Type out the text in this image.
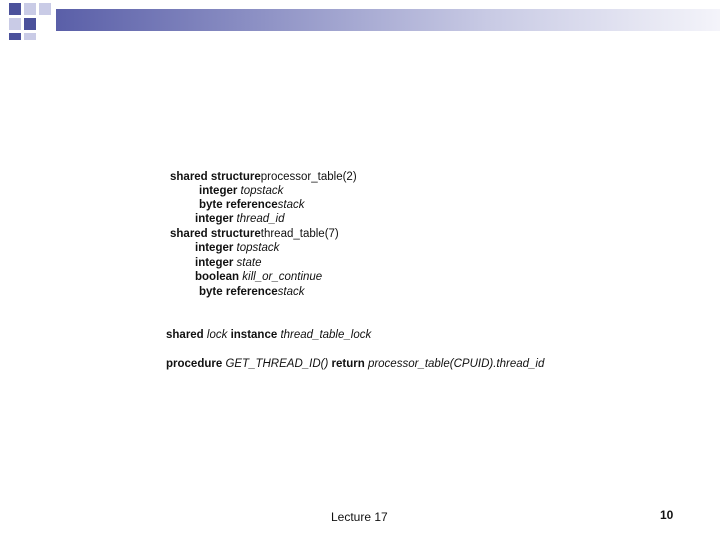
shared structureprocessor_table(2)
integer topstack
byte referencestack
integer thread_id
shared structurethread_table(7)
integer topstack
integer state
boolean kill_or_continue
byte referencestack
shared lock instance thread_table_lock
procedure GET_THREAD_ID() return processor_table(CPUID).thread_id
Lecture 17	10
